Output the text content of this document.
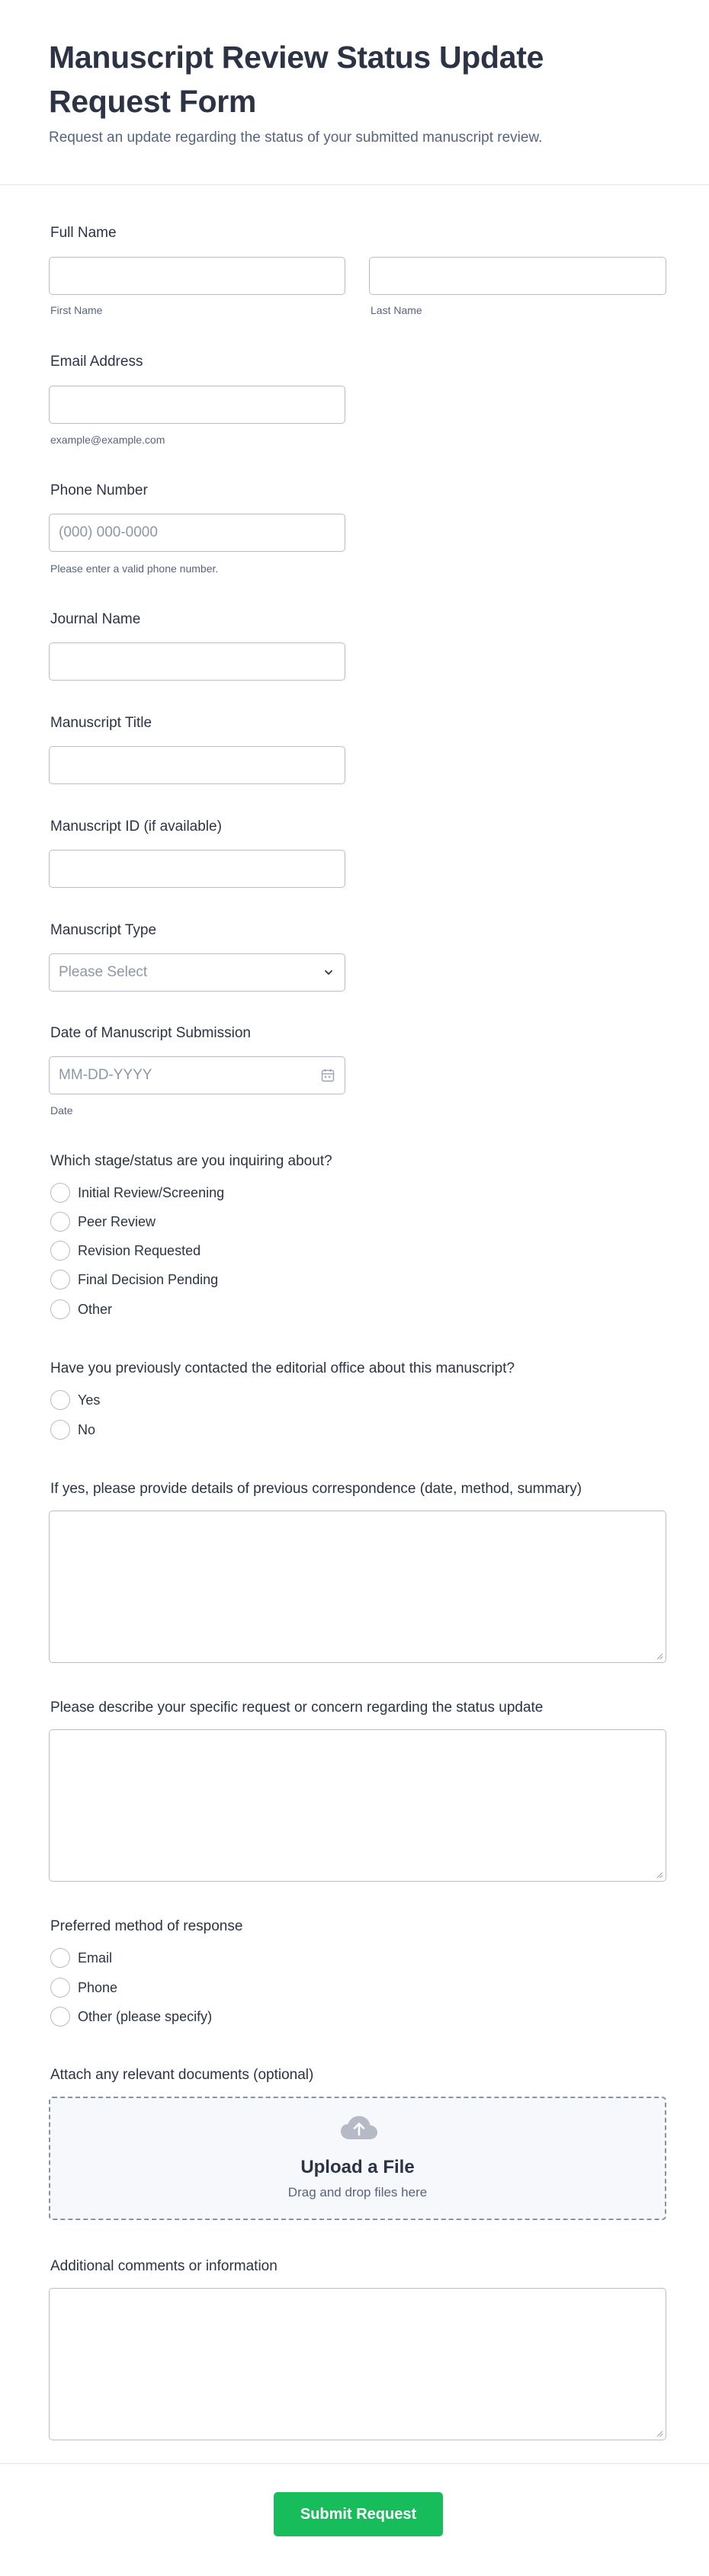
Manuscript Review Status Update Request Form
Request an update regarding the status of your submitted manuscript review.
Full Name
First Name	Last Name
Email Address
example@example.com
Phone Number
(000) 000-0000
Please enter a valid phone number.
Journal Name
Manuscript Title
Manuscript ID (if available)
Manuscript Type
Please Select
Date of Manuscript Submission
MM-DD-YYYY
Date
Which stage/status are you inquiring about?
Initial Review/Screening
Peer Review
Revision Requested
Final Decision Pending
Other
Have you previously contacted the editorial office about this manuscript?
Yes
No
If yes, please provide details of previous correspondence (date, method, summary)
Please describe your specific request or concern regarding the status update
Preferred method of response
Email
Phone
Other (please specify)
Attach any relevant documents (optional)
Upload a File
Drag and drop files here
Additional comments or information
Submit Request
